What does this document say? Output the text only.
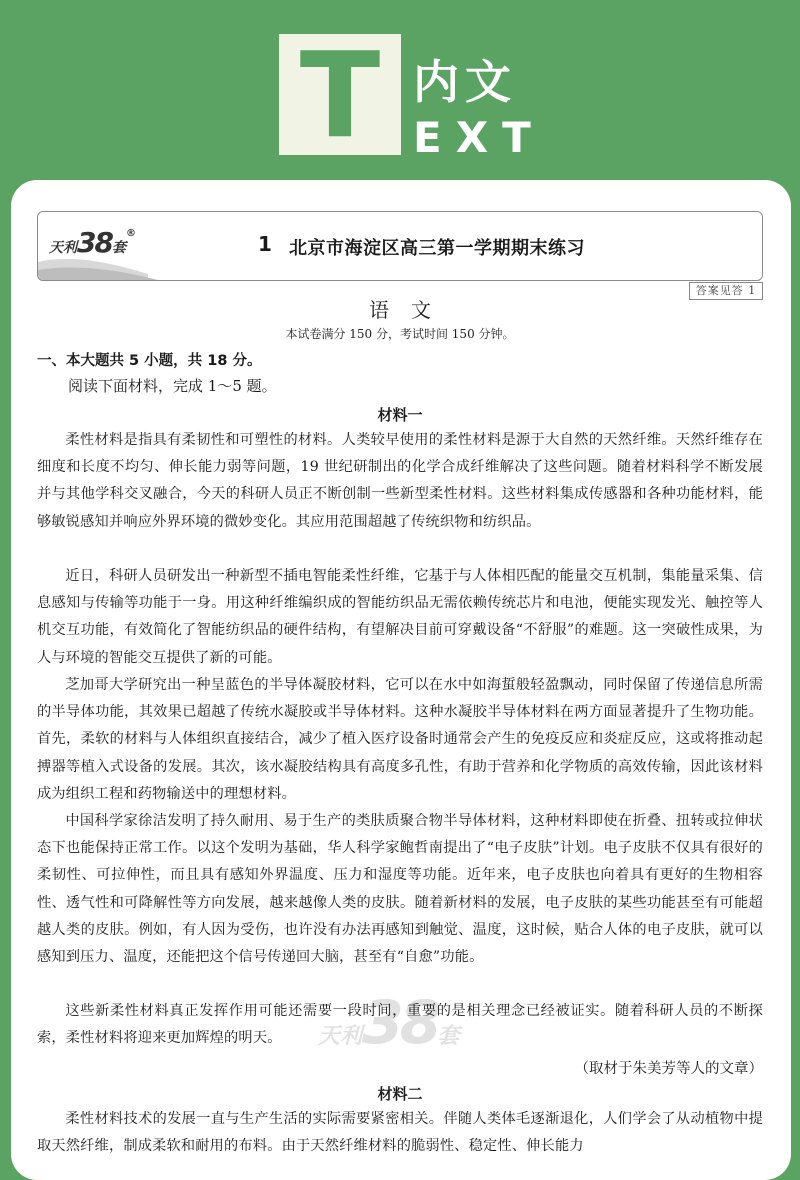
T 内文
EXT
天利38套®	1 北京市海淀区高三第一学期期末练习
答案见答 1
语文
本试卷满分 150 分，考试时间 150 分钟。
一、本大题共 5 小题，共 18 分。
阅读下面材料，完成 1～5 题。
材料一
柔性材料是指具有柔韧性和可塑性的材料。人类较早使用的柔性材料是源于大自然的天然纤维。天然纤维存在细度和长度不均匀、伸长能力弱等问题，19 世纪研制出的化学合成纤维解决了这些问题。随着材料科学不断发展并与其他学科交叉融合，今天的科研人员正不断创制一些新型柔性材料。这些材料集成传感器和各种功能材料，能够敏锐感知并响应外界环境的微妙变化。其应用范围超越了传统织物和纺织品。
近日，科研人员研发出一种新型不插电智能柔性纤维，它基于与人体相匹配的能量交互机制，集能量采集、信息感知与传输等功能于一身。用这种纤维编织成的智能纺织品无需依赖传统芯片和电池，便能实现发光、触控等人机交互功能，有效简化了智能纺织品的硬件结构，有望解决目前可穿戴设备“不舒服”的难题。这一突破性成果，为人与环境的智能交互提供了新的可能。
芝加哥大学研究出一种呈蓝色的半导体凝胶材料，它可以在水中如海蜇般轻盈飘动，同时保留了传递信息所需的半导体功能，其效果已超越了传统水凝胶或半导体材料。这种水凝胶半导体材料在两方面显著提升了生物功能。首先，柔软的材料与人体组织直接结合，减少了植入医疗设备时通常会产生的免疫反应和炎症反应，这或将推动起搏器等植入式设备的发展。其次，该水凝胶结构具有高度多孔性，有助于营养和化学物质的高效传输，因此该材料成为组织工程和药物输送中的理想材料。
中国科学家徐洁发明了持久耐用、易于生产的类肤质聚合物半导体材料，这种材料即使在折叠、扭转或拉伸状态下也能保持正常工作。以这个发明为基础，华人科学家鲍哲南提出了“电子皮肤”计划。电子皮肤不仅具有很好的柔韧性、可拉伸性，而且具有感知外界温度、压力和湿度等功能。近年来，电子皮肤也向着具有更好的生物相容性、透气性和可降解性等方向发展，越来越像人类的皮肤。随着新材料的发展，电子皮肤的某些功能甚至有可能超越人类的皮肤。例如，有人因为受伤，也许没有办法再感知到触觉、温度，这时候，贴合人体的电子皮肤，就可以感知到压力、温度，还能把这个信号传递回大脑，甚至有“自愈”功能。
天利38套
这些新柔性材料真正发挥作用可能还需要一段时间，重要的是相关理念已经被证实。随着科研人员的不断探索，柔性材料将迎来更加辉煌的明天。
（取材于朱美芳等人的文章）
材料二
柔性材料技术的发展一直与生产生活的实际需要紧密相关。伴随人类体毛逐渐退化，人们学会了从动植物中提取天然纤维，制成柔软和耐用的布料。由于天然纤维材料的脆弱性、稳定性、伸长能力
